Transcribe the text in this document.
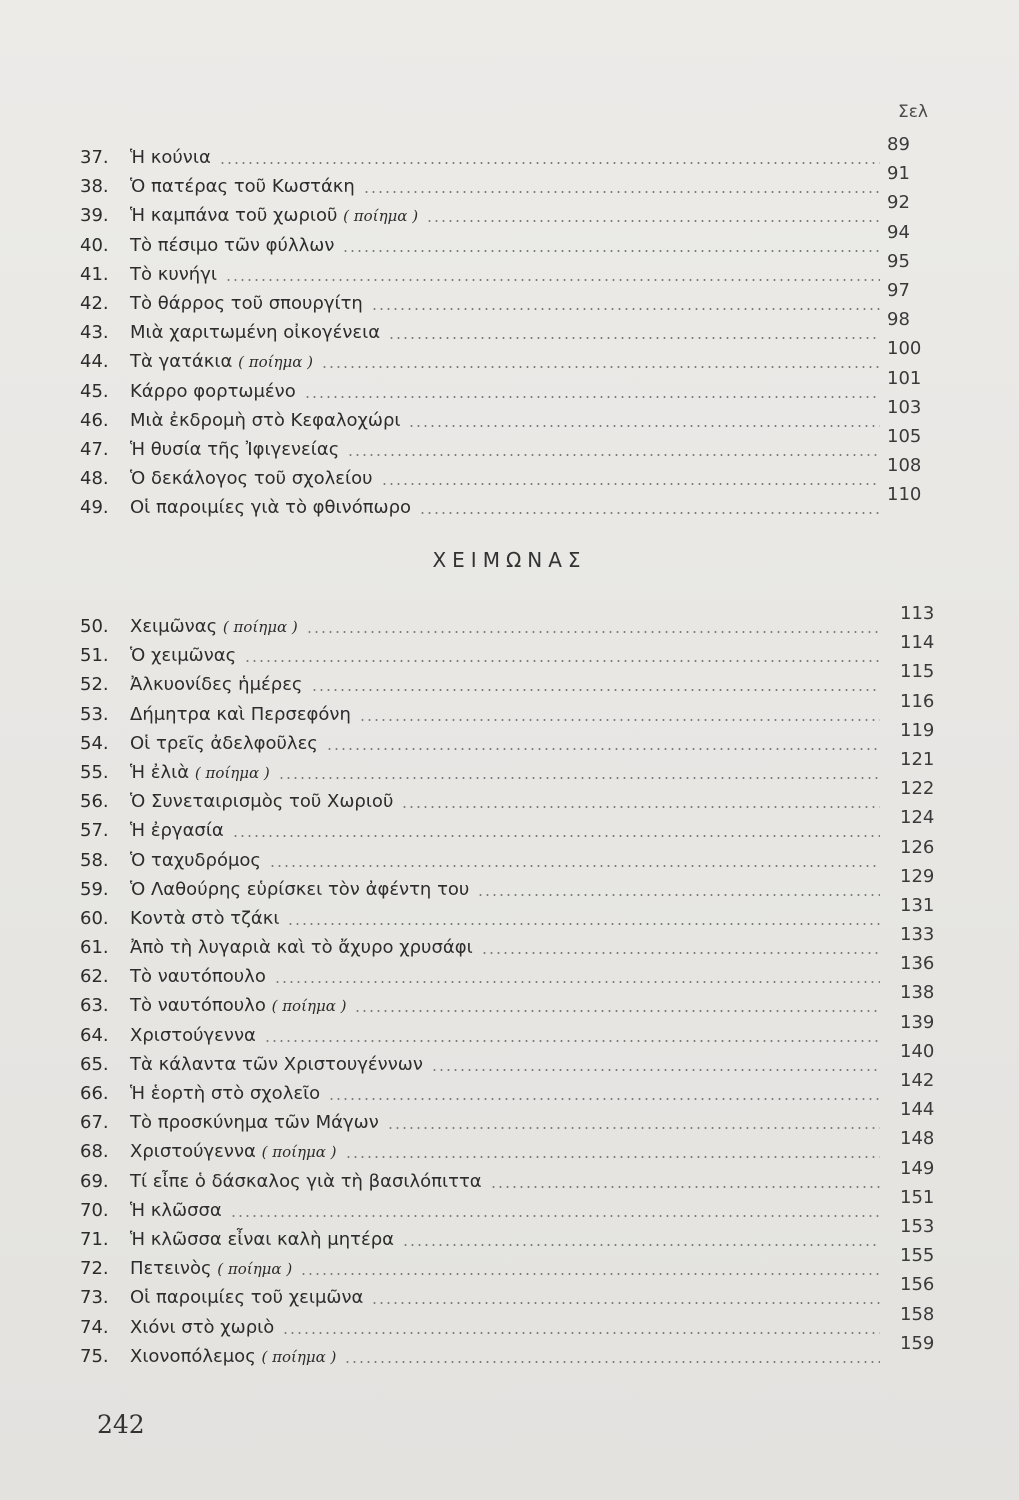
Σελ
37. Ἡ κούνια
89
38. Ὁ πατέρας τοῦ Κωστάκη
91
39. Ἡ καμπάνα τοῦ χωριοῦ ( ποίημα )
92
40. Τὸ πέσιμο τῶν φύλλων
94
41. Τὸ κυνήγι
95
42. Τὸ θάρρος τοῦ σπουργίτη
97
43. Μιὰ χαριτωμένη οἰκογένεια
98
44. Τὰ γατάκια ( ποίημα )
100
45. Κάρρο φορτωμένο
101
46. Μιὰ ἐκδρομὴ στὸ Κεφαλοχώρι
103
47. Ἡ θυσία τῆς Ἰφιγενείας
105
48. Ὁ δεκάλογος τοῦ σχολείου
108
49. Οἱ παροιμίες γιὰ τὸ φθινόπωρο
110
ΧΕΙΜΩΝΑΣ
50. Χειμῶνας ( ποίημα )
113
51. Ὁ χειμῶνας
114
52. Ἀλκυονίδες ἡμέρες
115
53. Δήμητρα καὶ Περσεφόνη
116
54. Οἱ τρεῖς ἀδελφοῦλες
119
55. Ἡ ἐλιὰ ( ποίημα )
121
56. Ὁ Συνεταιρισμὸς τοῦ Χωριοῦ
122
57. Ἡ ἐργασία
124
58. Ὁ ταχυδρόμος
126
59. Ὁ Λαθούρης εὑρίσκει τὸν ἀφέντη του
129
60. Κοντὰ στὸ τζάκι
131
61. Ἀπὸ τὴ λυγαριὰ καὶ τὸ ἄχυρο χρυσάφι
133
62. Τὸ ναυτόπουλο
136
63. Τὸ ναυτόπουλο ( ποίημα )
138
64. Χριστούγεννα
139
65. Τὰ κάλαντα τῶν Χριστουγέννων
140
66. Ἡ ἑορτὴ στὸ σχολεῖο
142
67. Τὸ προσκύνημα τῶν Μάγων
144
68. Χριστούγεννα ( ποίημα )
148
69. Τί εἶπε ὁ δάσκαλος γιὰ τὴ βασιλόπιττα
149
70. Ἡ κλῶσσα
151
71. Ἡ κλῶσσα εἶναι καλὴ μητέρα
153
72. Πετεινὸς ( ποίημα )
155
73. Οἱ παροιμίες τοῦ χειμῶνα
156
74. Χιόνι στὸ χωριὸ
158
75. Χιονοπόλεμος ( ποίημα )
159
242
